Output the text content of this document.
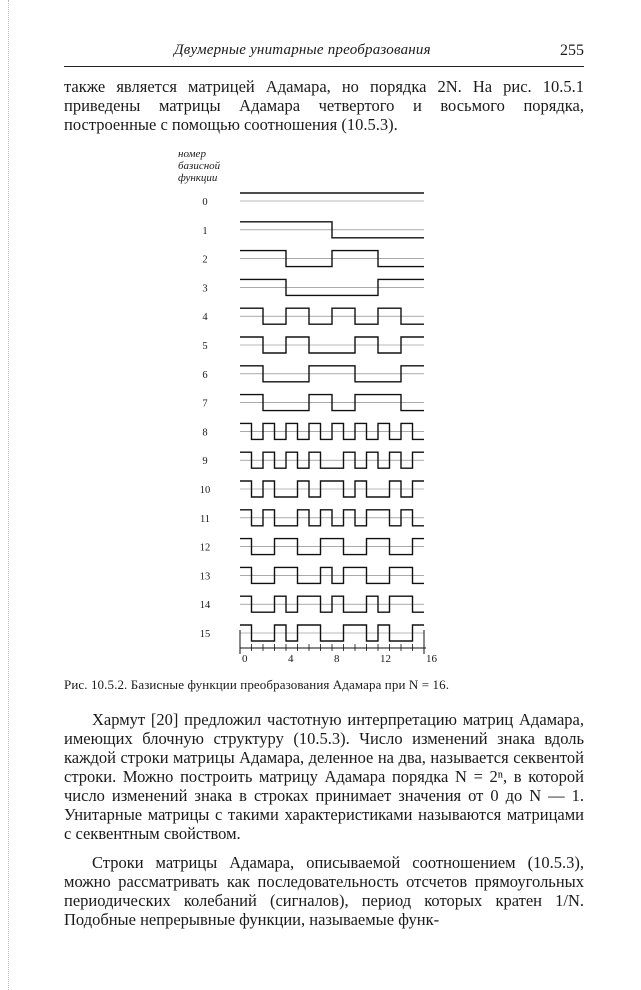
Двумерные унитарные преобразования	255
также является матрицей Адамара, но порядка 2N. На рис. 10.5.1 приведены матрицы Адамара четвертого и восьмого порядка, построенные с помощью соотношения (10.5.3).
номер
базисной
функции
0
1
2
3
4
5
6
7
8
9
10
11
12
13
14
15
0	4	8	12	16
Рис. 10.5.2. Базисные функции преобразования Адамара при N = 16.
Хармут [20] предложил частотную интерпретацию матриц Адамара, имеющих блочную структуру (10.5.3). Число изменений знака вдоль каждой строки матрицы Адамара, деленное на два, называется секвентой строки. Можно построить матрицу Адамара порядка N = 2ⁿ, в которой число изменений знака в строках принимает значения от 0 до N — 1. Унитарные матрицы с такими характеристиками называются матрицами с секвентным свойством.
Строки матрицы Адамара, описываемой соотношением (10.5.3), можно рассматривать как последовательность отсчетов прямоугольных периодических колебаний (сигналов), период которых кратен 1/N. Подобные непрерывные функции, называемые функ-
